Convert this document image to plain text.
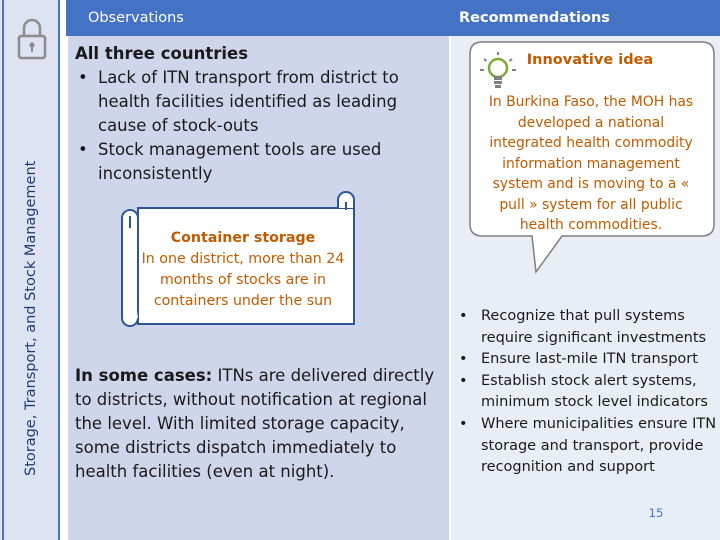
Storage, Transport, and Stock Management
Observations	Recommendations
All three countries
• Lack of ITN transport from district to health facilities identified as leading cause of stock-outs
• Stock management tools are used inconsistently
Container storage
In one district, more than 24 months of stocks are in containers under the sun
In some cases: ITNs are delivered directly to districts, without notification at regional the level. With limited storage capacity, some districts dispatch immediately to health facilities (even at night).
Innovative idea
In Burkina Faso, the MOH has developed a national integrated health commodity information management system and is moving to a « pull » system for all public health commodities.
• Recognize that pull systems require significant investments
• Ensure last-mile ITN transport
• Establish stock alert systems, minimum stock level indicators
• Where municipalities ensure ITN storage and transport, provide recognition and support
15
